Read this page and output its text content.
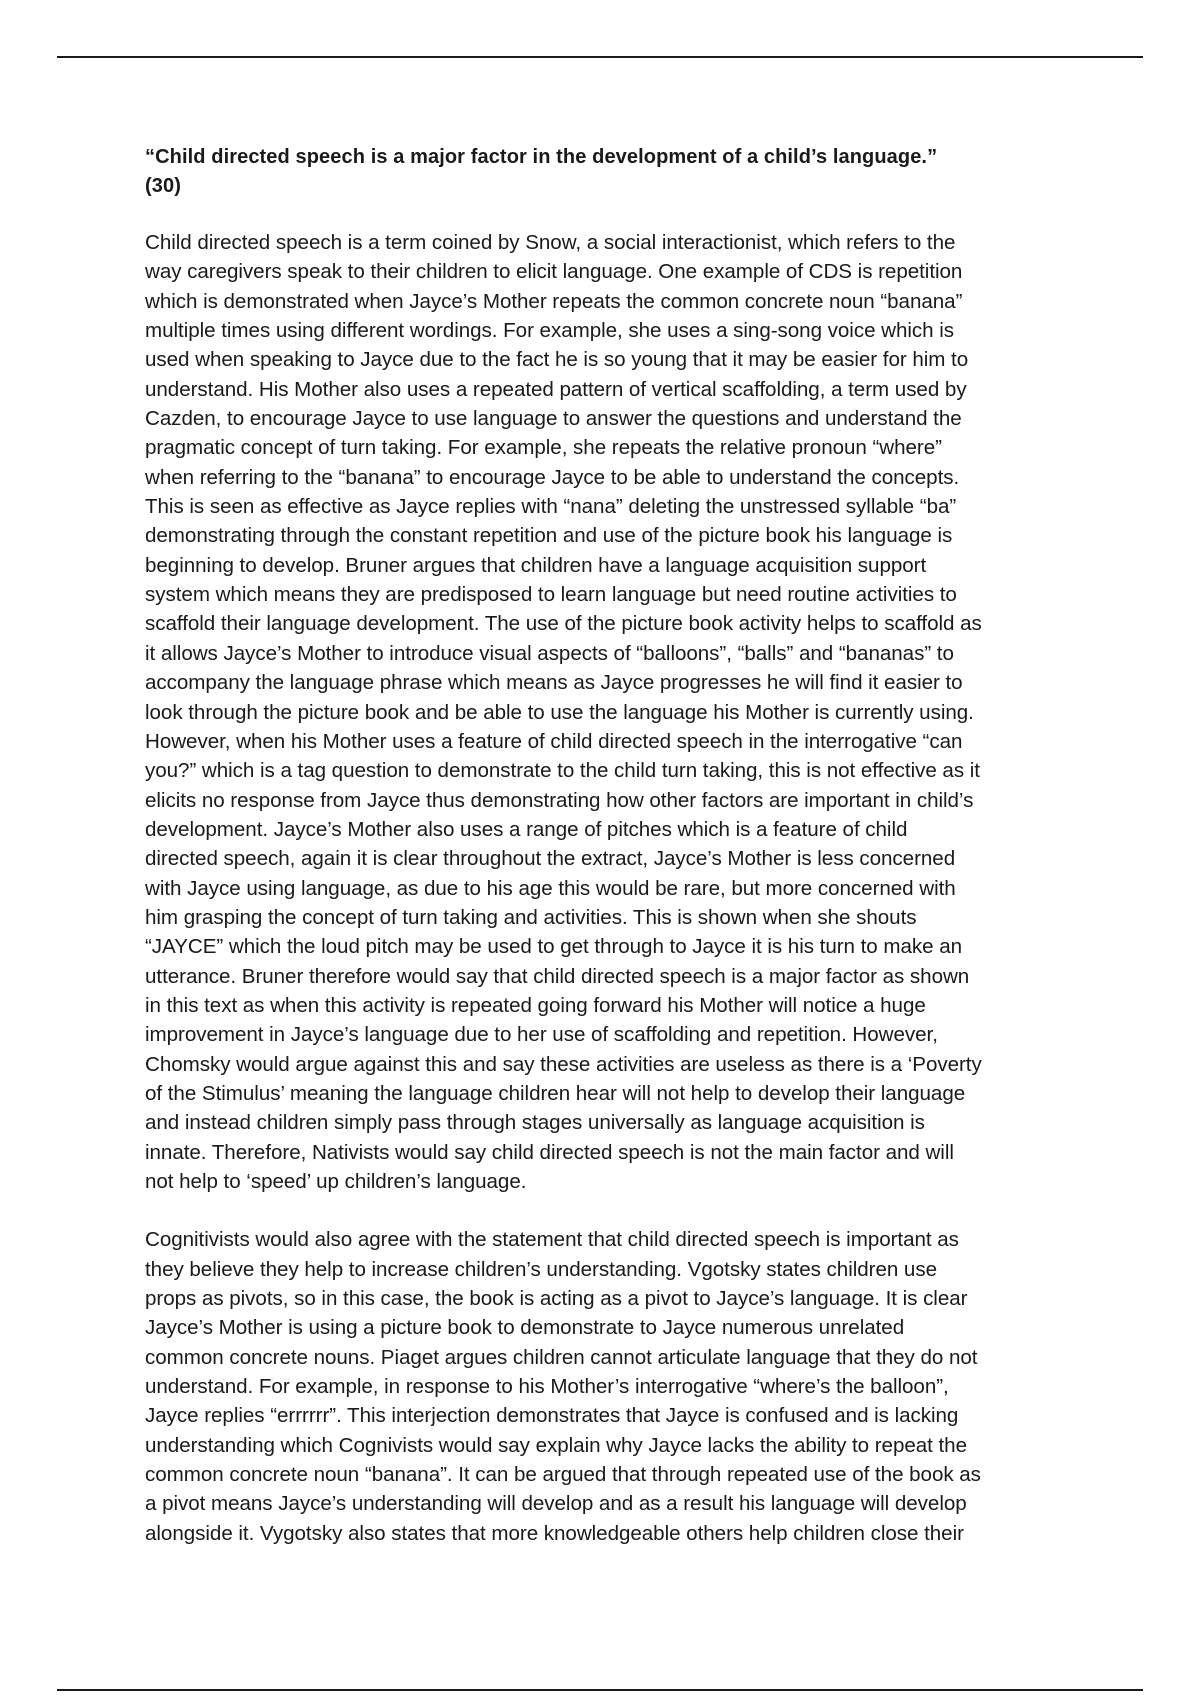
“Child directed speech is a major factor in the development of a child’s language.”
(30)
Child directed speech is a term coined by Snow, a social interactionist, which refers to the
way caregivers speak to their children to elicit language. One example of CDS is repetition
which is demonstrated when Jayce’s Mother repeats the common concrete noun “banana”
multiple times using different wordings. For example, she uses a sing-song voice which is
used when speaking to Jayce due to the fact he is so young that it may be easier for him to
understand. His Mother also uses a repeated pattern of vertical scaffolding, a term used by
Cazden, to encourage Jayce to use language to answer the questions and understand the
pragmatic concept of turn taking. For example, she repeats the relative pronoun “where”
when referring to the “banana” to encourage Jayce to be able to understand the concepts.
This is seen as effective as Jayce replies with “nana” deleting the unstressed syllable “ba”
demonstrating through the constant repetition and use of the picture book his language is
beginning to develop. Bruner argues that children have a language acquisition support
system which means they are predisposed to learn language but need routine activities to
scaffold their language development. The use of the picture book activity helps to scaffold as
it allows Jayce’s Mother to introduce visual aspects of “balloons”, “balls” and “bananas” to
accompany the language phrase which means as Jayce progresses he will find it easier to
look through the picture book and be able to use the language his Mother is currently using.
However, when his Mother uses a feature of child directed speech in the interrogative “can
you?” which is a tag question to demonstrate to the child turn taking, this is not effective as it
elicits no response from Jayce thus demonstrating how other factors are important in child’s
development. Jayce’s Mother also uses a range of pitches which is a feature of child
directed speech, again it is clear throughout the extract, Jayce’s Mother is less concerned
with Jayce using language, as due to his age this would be rare, but more concerned with
him grasping the concept of turn taking and activities. This is shown when she shouts
“JAYCE” which the loud pitch may be used to get through to Jayce it is his turn to make an
utterance. Bruner therefore would say that child directed speech is a major factor as shown
in this text as when this activity is repeated going forward his Mother will notice a huge
improvement in Jayce’s language due to her use of scaffolding and repetition. However,
Chomsky would argue against this and say these activities are useless as there is a ‘Poverty
of the Stimulus’ meaning the language children hear will not help to develop their language
and instead children simply pass through stages universally as language acquisition is
innate. Therefore, Nativists would say child directed speech is not the main factor and will
not help to ‘speed’ up children’s language.
Cognitivists would also agree with the statement that child directed speech is important as
they believe they help to increase children’s understanding. Vgotsky states children use
props as pivots, so in this case, the book is acting as a pivot to Jayce’s language. It is clear
Jayce’s Mother is using a picture book to demonstrate to Jayce numerous unrelated
common concrete nouns. Piaget argues children cannot articulate language that they do not
understand. For example, in response to his Mother’s interrogative “where’s the balloon”,
Jayce replies “errrrrr”. This interjection demonstrates that Jayce is confused and is lacking
understanding which Cognivists would say explain why Jayce lacks the ability to repeat the
common concrete noun “banana”. It can be argued that through repeated use of the book as
a pivot means Jayce’s understanding will develop and as a result his language will develop
alongside it. Vygotsky also states that more knowledgeable others help children close their
